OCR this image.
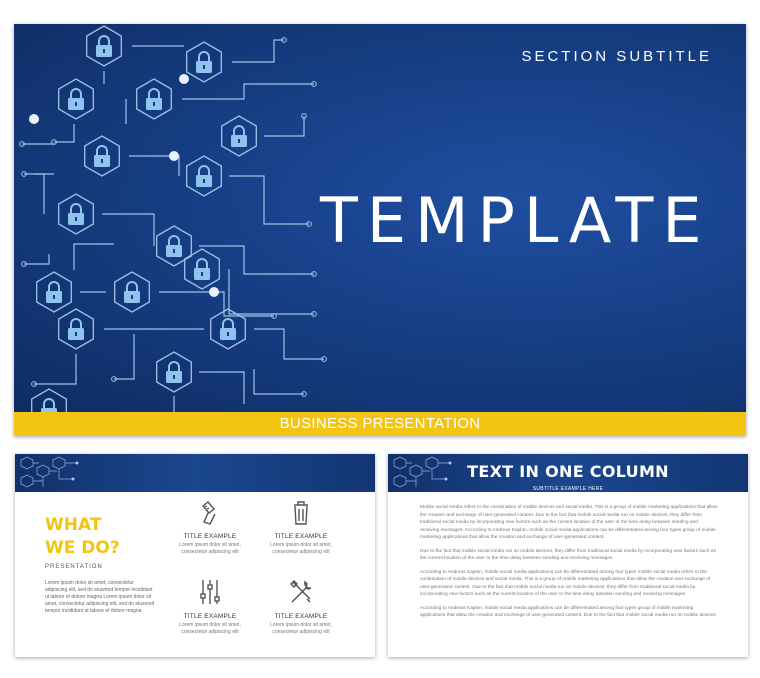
SECTION SUBTITLE
TEMPLATE
BUSINESS PRESENTATION
WHAT
WE DO?
PRESENTATION
Lorem ipsum dolor sit amet, consectetur adipiscing elit, sed do eiusmod tempor incididunt ut labore et dolore magna Lorem ipsum dolor sit amet, consectetur adipiscing elit, sed do eiusmod tempor incididunt ut labore et dolore magna
TITLE EXAMPLE
Lorem ipsum dolor sit amet, consectetur adipiscing elit
TITLE EXAMPLE
Lorem ipsum dolor sit amet, consectetur adipiscing elit
TITLE EXAMPLE
Lorem ipsum dolor sit amet, consectetur adipiscing elit
TITLE EXAMPLE
Lorem ipsum dolor sit amet, consectetur adipiscing elit
TEXT IN ONE COLUMN
SUBTITLE EXAMPLE HERE

Mobile social media refers to the combination of mobile devices and social media. This is a group of mobile marketing applications that allow the creation and exchange of user-generated content. Due to the fact that mobile social media run on mobile devices, they differ from traditional social media by incorporating new factors such as the current location of the user or the time delay between sending and receiving messages. According to Andreas Kaplan, mobile social media applications can be differentiated among four types group of mobile marketing applications that allow the creation and exchange of user-generated content.

Due to the fact that mobile social media run on mobile devices, they differ from traditional social media by incorporating new factors such as the current location of the user or the time delay between sending and receiving messages.

According to Andreas Kaplan, mobile social media applications can be differentiated among four types mobile social media refers to the combination of mobile devices and social media. This is a group of mobile marketing applications that allow the creation and exchange of user-generated content. Due to the fact that mobile social media run on mobile devices, they differ from traditional social media by incorporating new factors such as the current location of the user or the time delay between sending and receiving messages.

According to Andreas Kaplan, mobile social media applications can be differentiated among four types group of mobile marketing applications that allow the creation and exchange of user-generated content. Due to the fact that mobile social media run on mobile devices
